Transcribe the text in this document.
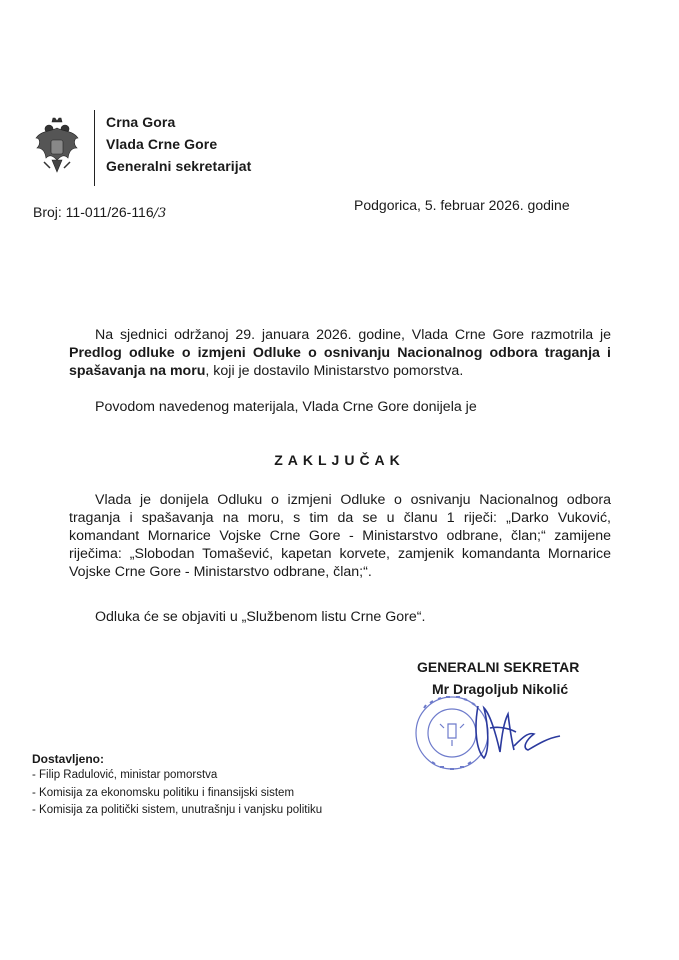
Crna Gora
Vlada Crne Gore
Generalni sekretarijat
Broj: 11-011/26-116/3
Podgorica, 5. februar 2026. godine
Na sjednici održanoj 29. januara 2026. godine, Vlada Crne Gore razmotrila je Predlog odluke o izmjeni Odluke o osnivanju Nacionalnog odbora traganja i spašavanja na moru, koji je dostavilo Ministarstvo pomorstva.
Povodom navedenog materijala, Vlada Crne Gore donijela je
ZAKLJUČAK
Vlada je donijela Odluku o izmjeni Odluke o osnivanju Nacionalnog odbora traganja i spašavanja na moru, s tim da se u članu 1 riječi: „Darko Vuković, komandant Mornarice Vojske Crne Gore - Ministarstvo odbrane, član;“ zamijene riječima: „Slobodan Tomašević, kapetan korvete, zamjenik komandanta Mornarice Vojske Crne Gore - Ministarstvo odbrane, član;“.
Odluka će se objaviti u „Službenom listu Crne Gore“.
GENERALNI SEKRETAR
Mr Dragoljub Nikolić
Dostavljeno:
- Filip Radulović, ministar pomorstva
- Komisija za ekonomsku politiku i finansijski sistem
- Komisija za politički sistem, unutrašnju i vanjsku politiku
